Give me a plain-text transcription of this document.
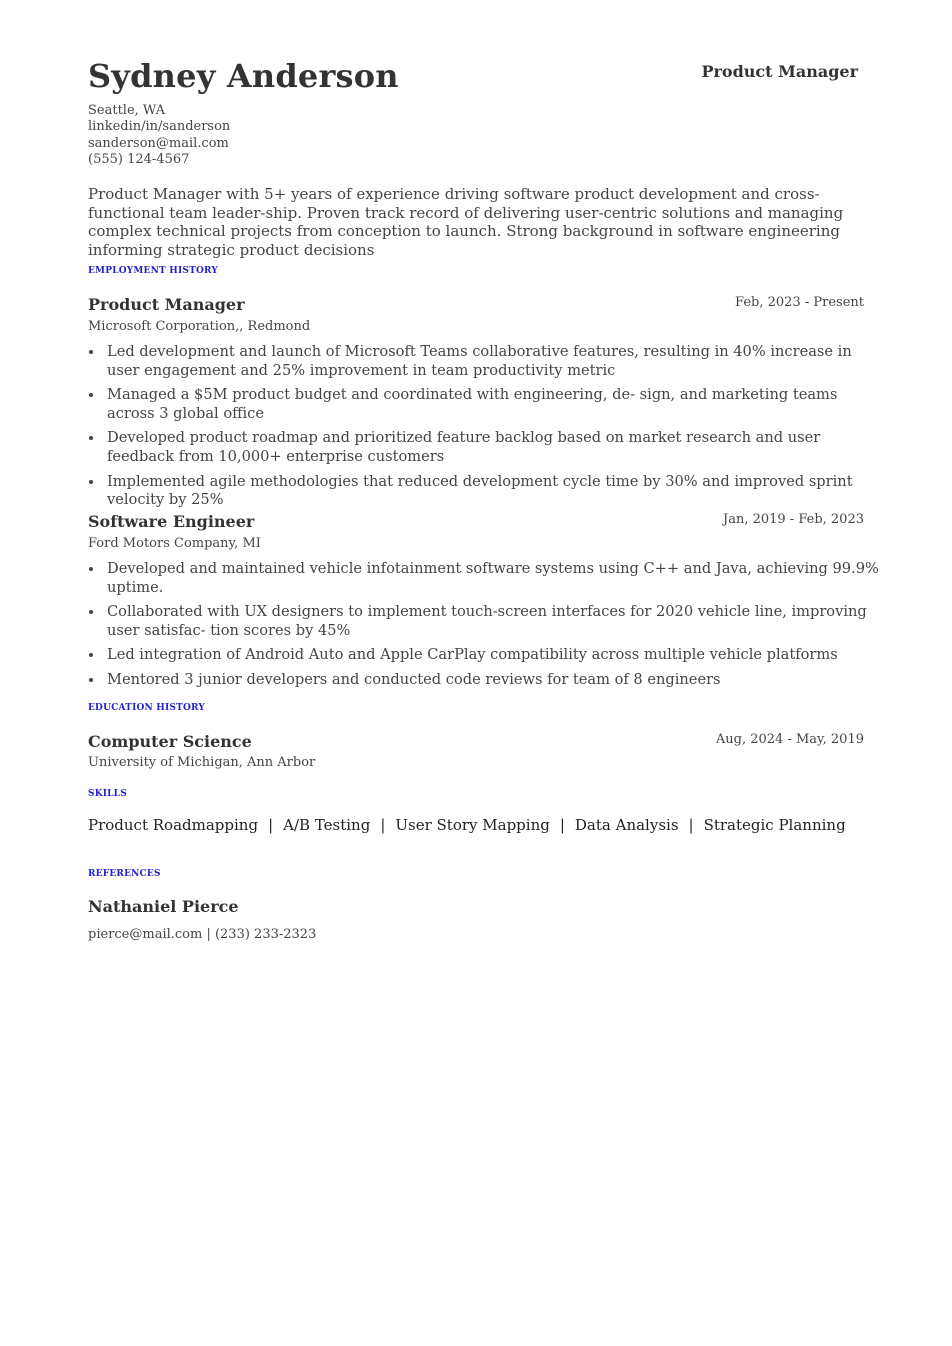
Sydney Anderson	Product Manager
Seattle, WA
linkedin/in/sanderson
sanderson@mail.com
(555) 124-4567
Product Manager with 5+ years of experience driving software product development and cross-functional team leader-ship. Proven track record of delivering user-centric solutions and managing complex technical projects from conception to launch. Strong background in software engineering informing strategic product decisions
EMPLOYMENT HISTORY
Product Manager	Feb, 2023 - Present
Microsoft Corporation,, Redmond
Led development and launch of Microsoft Teams collaborative features, resulting in 40% increase in user engagement and 25% improvement in team productivity metric
Managed a $5M product budget and coordinated with engineering, de- sign, and marketing teams across 3 global office
Developed product roadmap and prioritized feature backlog based on market research and user feedback from 10,000+ enterprise customers
Implemented agile methodologies that reduced development cycle time by 30% and improved sprint velocity by 25%
Software Engineer	Jan, 2019 - Feb, 2023
Ford Motors Company, MI
Developed and maintained vehicle infotainment software systems using C++ and Java, achieving 99.9% uptime.
Collaborated with UX designers to implement touch-screen interfaces for 2020 vehicle line, improving user satisfac- tion scores by 45%
Led integration of Android Auto and Apple CarPlay compatibility across multiple vehicle platforms
Mentored 3 junior developers and conducted code reviews for team of 8 engineers
EDUCATION HISTORY
Computer Science	Aug, 2024 - May, 2019
University of Michigan, Ann Arbor
SKILLS
Product Roadmapping | A/B Testing | User Story Mapping | Data Analysis | Strategic Planning
REFERENCES
Nathaniel Pierce
pierce@mail.com | (233) 233-2323
